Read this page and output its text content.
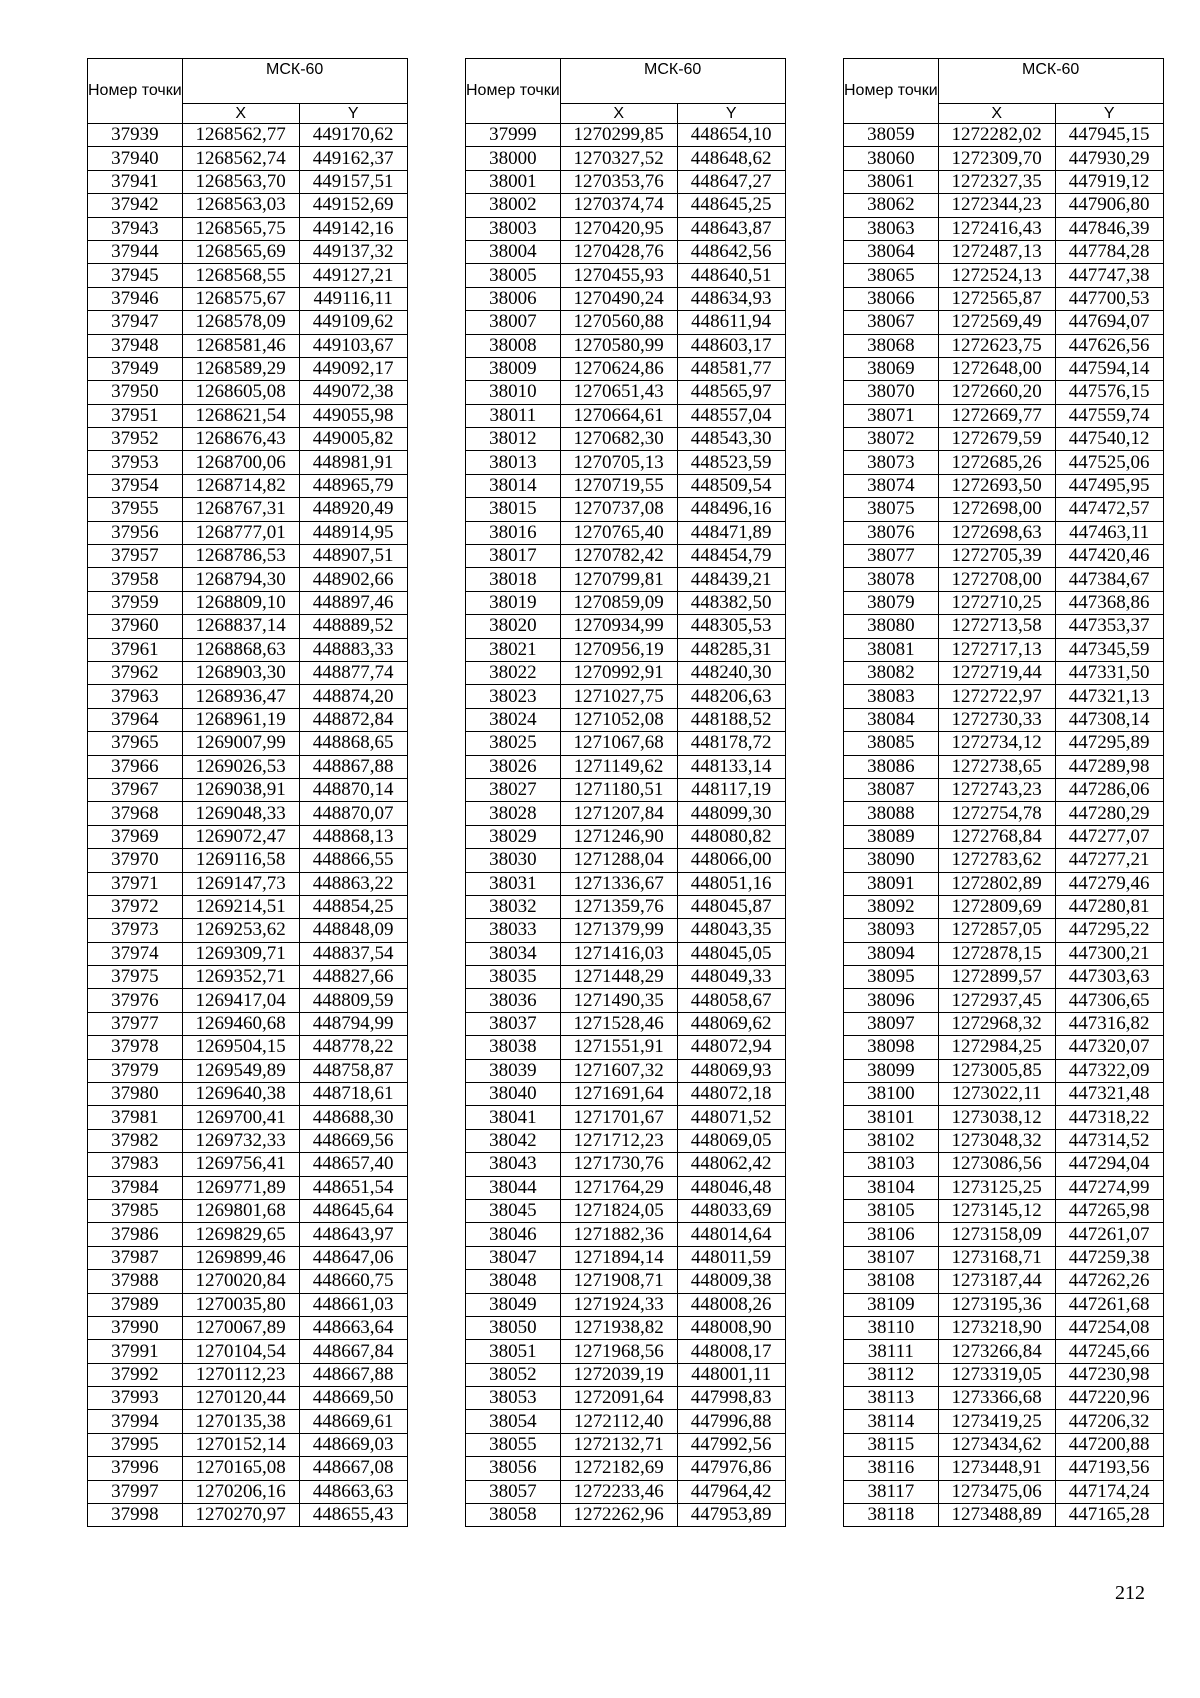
Номер точки	МСК-60	
	X	Y
37939	1268562,77	449170,62
37940	1268562,74	449162,37
37941	1268563,70	449157,51
37942	1268563,03	449152,69
37943	1268565,75	449142,16
37944	1268565,69	449137,32
37945	1268568,55	449127,21
37946	1268575,67	449116,11
37947	1268578,09	449109,62
37948	1268581,46	449103,67
37949	1268589,29	449092,17
37950	1268605,08	449072,38
37951	1268621,54	449055,98
37952	1268676,43	449005,82
37953	1268700,06	448981,91
37954	1268714,82	448965,79
37955	1268767,31	448920,49
37956	1268777,01	448914,95
37957	1268786,53	448907,51
37958	1268794,30	448902,66
37959	1268809,10	448897,46
37960	1268837,14	448889,52
37961	1268868,63	448883,33
37962	1268903,30	448877,74
37963	1268936,47	448874,20
37964	1268961,19	448872,84
37965	1269007,99	448868,65
37966	1269026,53	448867,88
37967	1269038,91	448870,14
37968	1269048,33	448870,07
37969	1269072,47	448868,13
37970	1269116,58	448866,55
37971	1269147,73	448863,22
37972	1269214,51	448854,25
37973	1269253,62	448848,09
37974	1269309,71	448837,54
37975	1269352,71	448827,66
37976	1269417,04	448809,59
37977	1269460,68	448794,99
37978	1269504,15	448778,22
37979	1269549,89	448758,87
37980	1269640,38	448718,61
37981	1269700,41	448688,30
37982	1269732,33	448669,56
37983	1269756,41	448657,40
37984	1269771,89	448651,54
37985	1269801,68	448645,64
37986	1269829,65	448643,97
37987	1269899,46	448647,06
37988	1270020,84	448660,75
37989	1270035,80	448661,03
37990	1270067,89	448663,64
37991	1270104,54	448667,84
37992	1270112,23	448667,88
37993	1270120,44	448669,50
37994	1270135,38	448669,61
37995	1270152,14	448669,03
37996	1270165,08	448667,08
37997	1270206,16	448663,63
37998	1270270,97	448655,43
Номер точки	МСК-60	
	X	Y
37999	1270299,85	448654,10
38000	1270327,52	448648,62
38001	1270353,76	448647,27
38002	1270374,74	448645,25
38003	1270420,95	448643,87
38004	1270428,76	448642,56
38005	1270455,93	448640,51
38006	1270490,24	448634,93
38007	1270560,88	448611,94
38008	1270580,99	448603,17
38009	1270624,86	448581,77
38010	1270651,43	448565,97
38011	1270664,61	448557,04
38012	1270682,30	448543,30
38013	1270705,13	448523,59
38014	1270719,55	448509,54
38015	1270737,08	448496,16
38016	1270765,40	448471,89
38017	1270782,42	448454,79
38018	1270799,81	448439,21
38019	1270859,09	448382,50
38020	1270934,99	448305,53
38021	1270956,19	448285,31
38022	1270992,91	448240,30
38023	1271027,75	448206,63
38024	1271052,08	448188,52
38025	1271067,68	448178,72
38026	1271149,62	448133,14
38027	1271180,51	448117,19
38028	1271207,84	448099,30
38029	1271246,90	448080,82
38030	1271288,04	448066,00
38031	1271336,67	448051,16
38032	1271359,76	448045,87
38033	1271379,99	448043,35
38034	1271416,03	448045,05
38035	1271448,29	448049,33
38036	1271490,35	448058,67
38037	1271528,46	448069,62
38038	1271551,91	448072,94
38039	1271607,32	448069,93
38040	1271691,64	448072,18
38041	1271701,67	448071,52
38042	1271712,23	448069,05
38043	1271730,76	448062,42
38044	1271764,29	448046,48
38045	1271824,05	448033,69
38046	1271882,36	448014,64
38047	1271894,14	448011,59
38048	1271908,71	448009,38
38049	1271924,33	448008,26
38050	1271938,82	448008,90
38051	1271968,56	448008,17
38052	1272039,19	448001,11
38053	1272091,64	447998,83
38054	1272112,40	447996,88
38055	1272132,71	447992,56
38056	1272182,69	447976,86
38057	1272233,46	447964,42
38058	1272262,96	447953,89
Номер точки	МСК-60	
	X	Y
38059	1272282,02	447945,15
38060	1272309,70	447930,29
38061	1272327,35	447919,12
38062	1272344,23	447906,80
38063	1272416,43	447846,39
38064	1272487,13	447784,28
38065	1272524,13	447747,38
38066	1272565,87	447700,53
38067	1272569,49	447694,07
38068	1272623,75	447626,56
38069	1272648,00	447594,14
38070	1272660,20	447576,15
38071	1272669,77	447559,74
38072	1272679,59	447540,12
38073	1272685,26	447525,06
38074	1272693,50	447495,95
38075	1272698,00	447472,57
38076	1272698,63	447463,11
38077	1272705,39	447420,46
38078	1272708,00	447384,67
38079	1272710,25	447368,86
38080	1272713,58	447353,37
38081	1272717,13	447345,59
38082	1272719,44	447331,50
38083	1272722,97	447321,13
38084	1272730,33	447308,14
38085	1272734,12	447295,89
38086	1272738,65	447289,98
38087	1272743,23	447286,06
38088	1272754,78	447280,29
38089	1272768,84	447277,07
38090	1272783,62	447277,21
38091	1272802,89	447279,46
38092	1272809,69	447280,81
38093	1272857,05	447295,22
38094	1272878,15	447300,21
38095	1272899,57	447303,63
38096	1272937,45	447306,65
38097	1272968,32	447316,82
38098	1272984,25	447320,07
38099	1273005,85	447322,09
38100	1273022,11	447321,48
38101	1273038,12	447318,22
38102	1273048,32	447314,52
38103	1273086,56	447294,04
38104	1273125,25	447274,99
38105	1273145,12	447265,98
38106	1273158,09	447261,07
38107	1273168,71	447259,38
38108	1273187,44	447262,26
38109	1273195,36	447261,68
38110	1273218,90	447254,08
38111	1273266,84	447245,66
38112	1273319,05	447230,98
38113	1273366,68	447220,96
38114	1273419,25	447206,32
38115	1273434,62	447200,88
38116	1273448,91	447193,56
38117	1273475,06	447174,24
38118	1273488,89	447165,28
212
